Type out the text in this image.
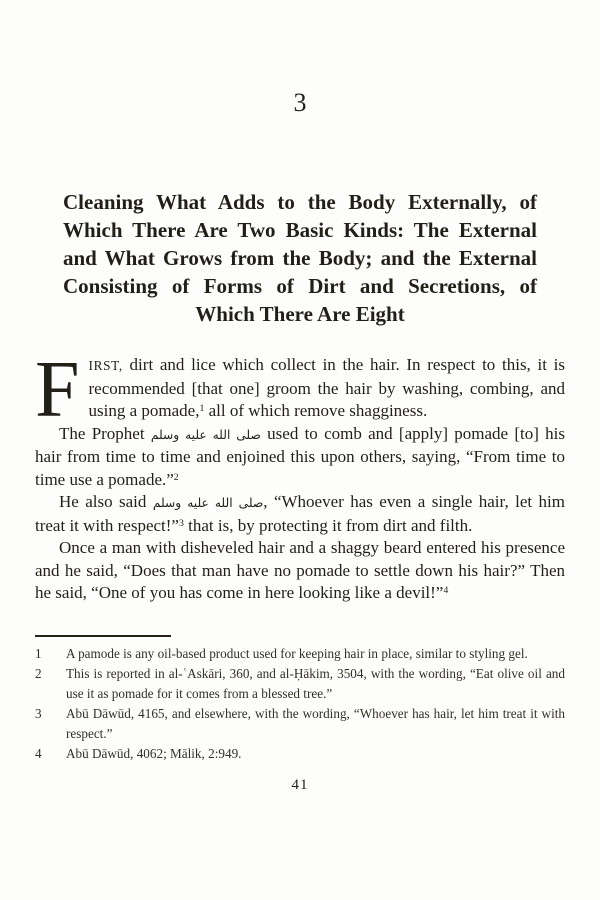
3
Cleaning What Adds to the Body Externally, of Which There Are Two Basic Kinds: The External and What Grows from the Body; and the External Consisting of Forms of Dirt and Secretions, of Which There Are Eight

FIRST, dirt and lice which collect in the hair. In respect to this, it is recommended [that one] groom the hair by washing, combing, and using a pomade,$^1$ all of which remove shagginess.

The Prophet صلى الله عليه وسلم used to comb and [apply] pomade [to] his hair from time to time and enjoined this upon others, saying, “From time to time use a pomade.”$^2$

He also said صلى الله عليه وسلم, “Whoever has even a single hair, let him treat it with respect!”$^3$ that is, by protecting it from dirt and filth.

Once a man with disheveled hair and a shaggy beard entered his presence and he said, “Does that man have no pomade to settle down his hair?” Then he said, “One of you has come in here looking like a devil!”$^4$

1	A pamode is any oil-based product used for keeping hair in place, similar to styling gel.
2	This is reported in al-ʿAskāri, 360, and al-Ḥākim, 3504, with the wording, “Eat olive oil and use it as pomade for it comes from a blessed tree.”
3	Abū Dāwūd, 4165, and elsewhere, with the wording, “Whoever has hair, let him treat it with respect.”
4	Abū Dāwūd, 4062; Mālik, 2:949.
41
